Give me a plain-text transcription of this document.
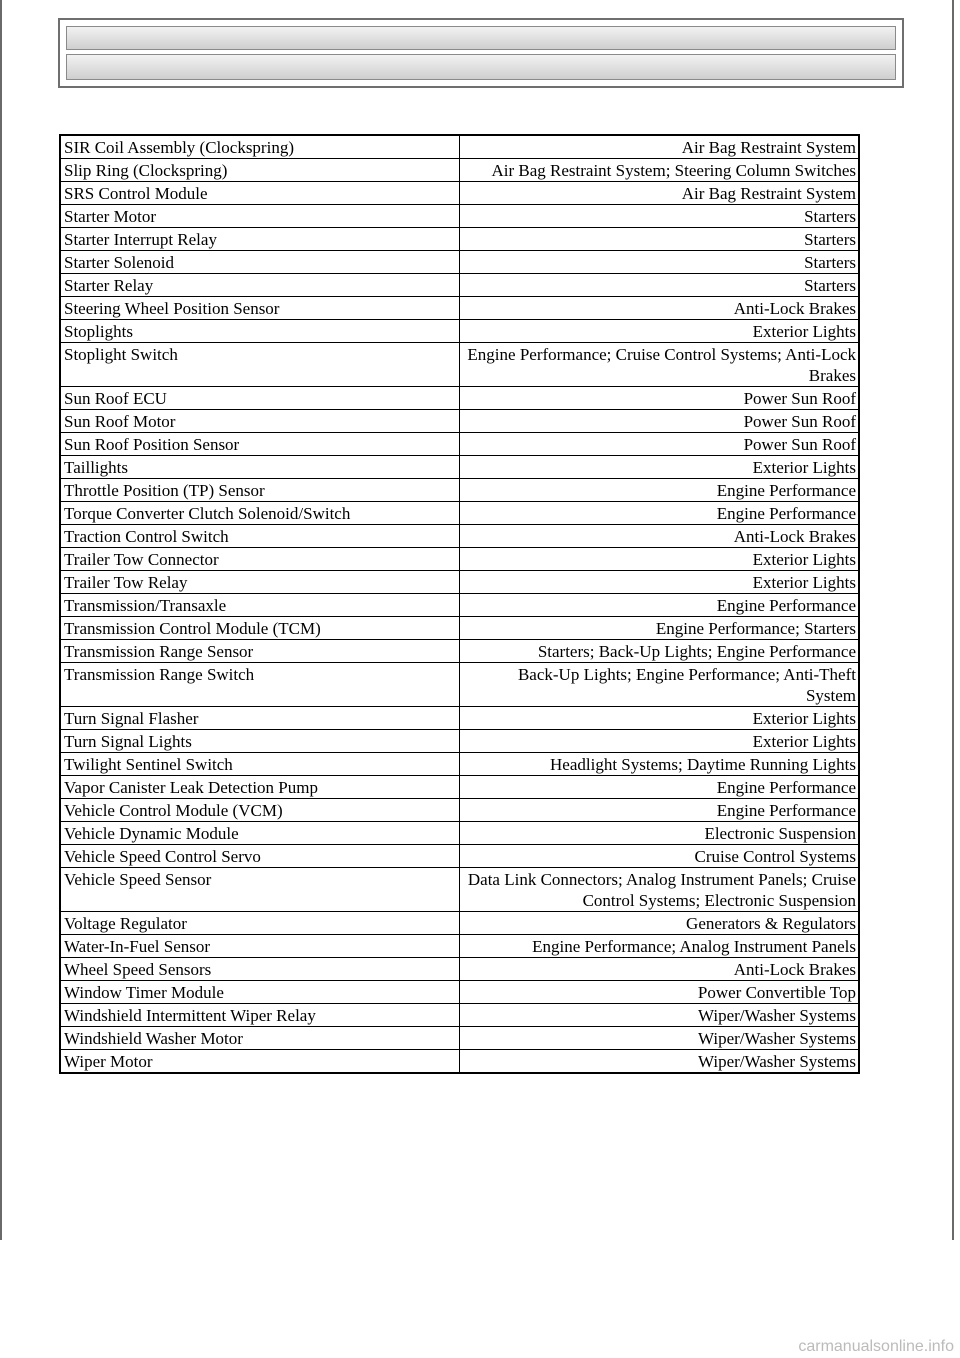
SIR Coil Assembly (Clockspring)	Air Bag Restraint System
Slip Ring (Clockspring)	Air Bag Restraint System; Steering Column Switches
SRS Control Module	Air Bag Restraint System
Starter Motor	Starters
Starter Interrupt Relay	Starters
Starter Solenoid	Starters
Starter Relay	Starters
Steering Wheel Position Sensor	Anti-Lock Brakes
Stoplights	Exterior Lights
Stoplight Switch	Engine Performance; Cruise Control Systems; Anti-Lock Brakes
Sun Roof ECU	Power Sun Roof
Sun Roof Motor	Power Sun Roof
Sun Roof Position Sensor	Power Sun Roof
Taillights	Exterior Lights
Throttle Position (TP) Sensor	Engine Performance
Torque Converter Clutch Solenoid/Switch	Engine Performance
Traction Control Switch	Anti-Lock Brakes
Trailer Tow Connector	Exterior Lights
Trailer Tow Relay	Exterior Lights
Transmission/Transaxle	Engine Performance
Transmission Control Module (TCM)	Engine Performance; Starters
Transmission Range Sensor	Starters; Back-Up Lights; Engine Performance
Transmission Range Switch	Back-Up Lights; Engine Performance; Anti-Theft System
Turn Signal Flasher	Exterior Lights
Turn Signal Lights	Exterior Lights
Twilight Sentinel Switch	Headlight Systems; Daytime Running Lights
Vapor Canister Leak Detection Pump	Engine Performance
Vehicle Control Module (VCM)	Engine Performance
Vehicle Dynamic Module	Electronic Suspension
Vehicle Speed Control Servo	Cruise Control Systems
Vehicle Speed Sensor	Data Link Connectors; Analog Instrument Panels; Cruise Control Systems; Electronic Suspension
Voltage Regulator	Generators & Regulators
Water-In-Fuel Sensor	Engine Performance; Analog Instrument Panels
Wheel Speed Sensors	Anti-Lock Brakes
Window Timer Module	Power Convertible Top
Windshield Intermittent Wiper Relay	Wiper/Washer Systems
Windshield Washer Motor	Wiper/Washer Systems
Wiper Motor	Wiper/Washer Systems
carmanualsonline.info
